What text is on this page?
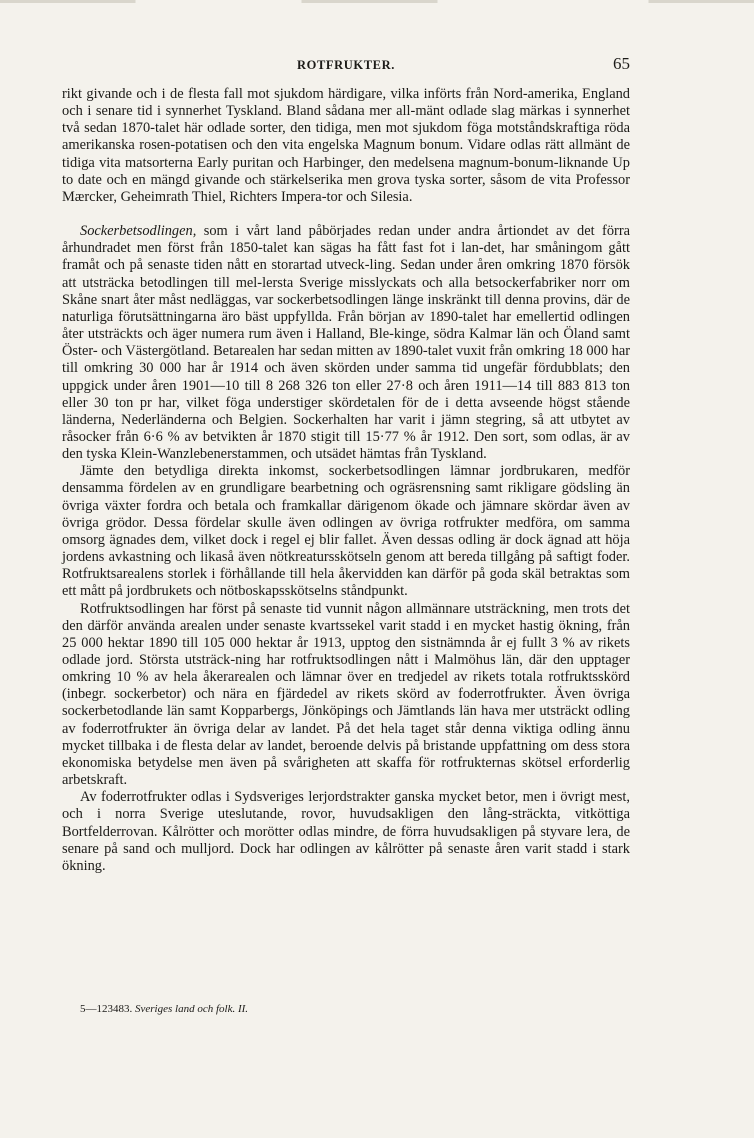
ROTFRUKTER.	65

rikt givande och i de flesta fall mot sjukdom härdigare, vilka införts från Nord-amerika, England och i senare tid i synnerhet Tyskland. Bland sådana mer all-mänt odlade slag märkas i synnerhet två sedan 1870-talet här odlade sorter, den tidiga, men mot sjukdom föga motståndskraftiga röda amerikanska rosen-potatisen och den vita engelska Magnum bonum. Vidare odlas rätt allmänt de tidiga vita matsorterna Early puritan och Harbinger, den medelsena magnum-bonum-liknande Up to date och en mängd givande och stärkelserika men grova tyska sorter, såsom de vita Professor Mærcker, Geheimrath Thiel, Richters Impera-tor och Silesia.

Sockerbetsodlingen, som i vårt land påbörjades redan under andra årtiondet av det förra århundradet men först från 1850-talet kan sägas ha fått fast fot i lan-det, har småningom gått framåt och på senaste tiden nått en storartad utveck-ling. Sedan under åren omkring 1870 försök att utsträcka betodlingen till mel-lersta Sverige misslyckats och alla betsockerfabriker norr om Skåne snart åter måst nedläggas, var sockerbetsodlingen länge inskränkt till denna provins, där de naturliga förutsättningarna äro bäst uppfyllda. Från början av 1890-talet har emellertid odlingen åter utsträckts och äger numera rum även i Halland, Ble-kinge, södra Kalmar län och Öland samt Öster- och Västergötland. Betarealen har sedan mitten av 1890-talet vuxit från omkring 18 000 har till omkring 30 000 har år 1914 och även skörden under samma tid ungefär fördubblats; den uppgick under åren 1901—10 till 8 268 326 ton eller 27·8 och åren 1911—14 till 883 813 ton eller 30 ton pr har, vilket föga understiger skördetalen för de i detta avseende högst stående länderna, Nederländerna och Belgien. Sockerhalten har varit i jämn stegring, så att utbytet av råsocker från 6·6 % av betvikten år 1870 stigit till 15·77 % år 1912. Den sort, som odlas, är av den tyska Klein-Wanzlebenerstammen, och utsädet hämtas från Tyskland.

Jämte den betydliga direkta inkomst, sockerbetsodlingen lämnar jordbrukaren, medför densamma fördelen av en grundligare bearbetning och ogräsrensning samt rikligare gödsling än övriga växter fordra och betala och framkallar därigenom ökade och jämnare skördar även av övriga grödor. Dessa fördelar skulle även odlingen av övriga rotfrukter medföra, om samma omsorg ägnades dem, vilket dock i regel ej blir fallet. Även dessas odling är dock ägnad att höja jordens avkastning och likaså även nötkreatursskötseln genom att bereda tillgång på saftigt foder. Rotfruktsarealens storlek i förhållande till hela åkervidden kan därför på goda skäl betraktas som ett mått på jordbrukets och nötboskapsskötselns ståndpunkt.

Rotfruktsodlingen har först på senaste tid vunnit någon allmännare utsträckning, men trots det den därför använda arealen under senaste kvartssekel varit stadd i en mycket hastig ökning, från 25 000 hektar 1890 till 105 000 hektar år 1913, upptog den sistnämnda år ej fullt 3 % av rikets odlade jord. Största utsträck-ning har rotfruktsodlingen nått i Malmöhus län, där den upptager omkring 10 % av hela åkerarealen och lämnar över en tredjedel av rikets totala rotfruktsskörd (inbegr. sockerbetor) och nära en fjärdedel av rikets skörd av foderrotfrukter. Även övriga sockerbetodlande län samt Kopparbergs, Jönköpings och Jämtlands län hava mer utsträckt odling av foderrotfrukter än övriga delar av landet. På det hela taget står denna viktiga odling ännu mycket tillbaka i de flesta delar av landet, beroende delvis på bristande uppfattning om dess stora ekonomiska betydelse men även på svårigheten att skaffa för rotfrukternas skötsel erforderlig arbetskraft.

Av foderrotfrukter odlas i Sydsveriges lerjordstrakter ganska mycket betor, men i övrigt mest, och i norra Sverige uteslutande, rovor, huvudsakligen den lång-sträckta, vitköttiga Bortfelderrovan. Kålrötter och morötter odlas mindre, de förra huvudsakligen på styvare lera, de senare på sand och mulljord. Dock har odlingen av kålrötter på senaste åren varit stadd i stark ökning.

5—123483. Sveriges land och folk. II.
